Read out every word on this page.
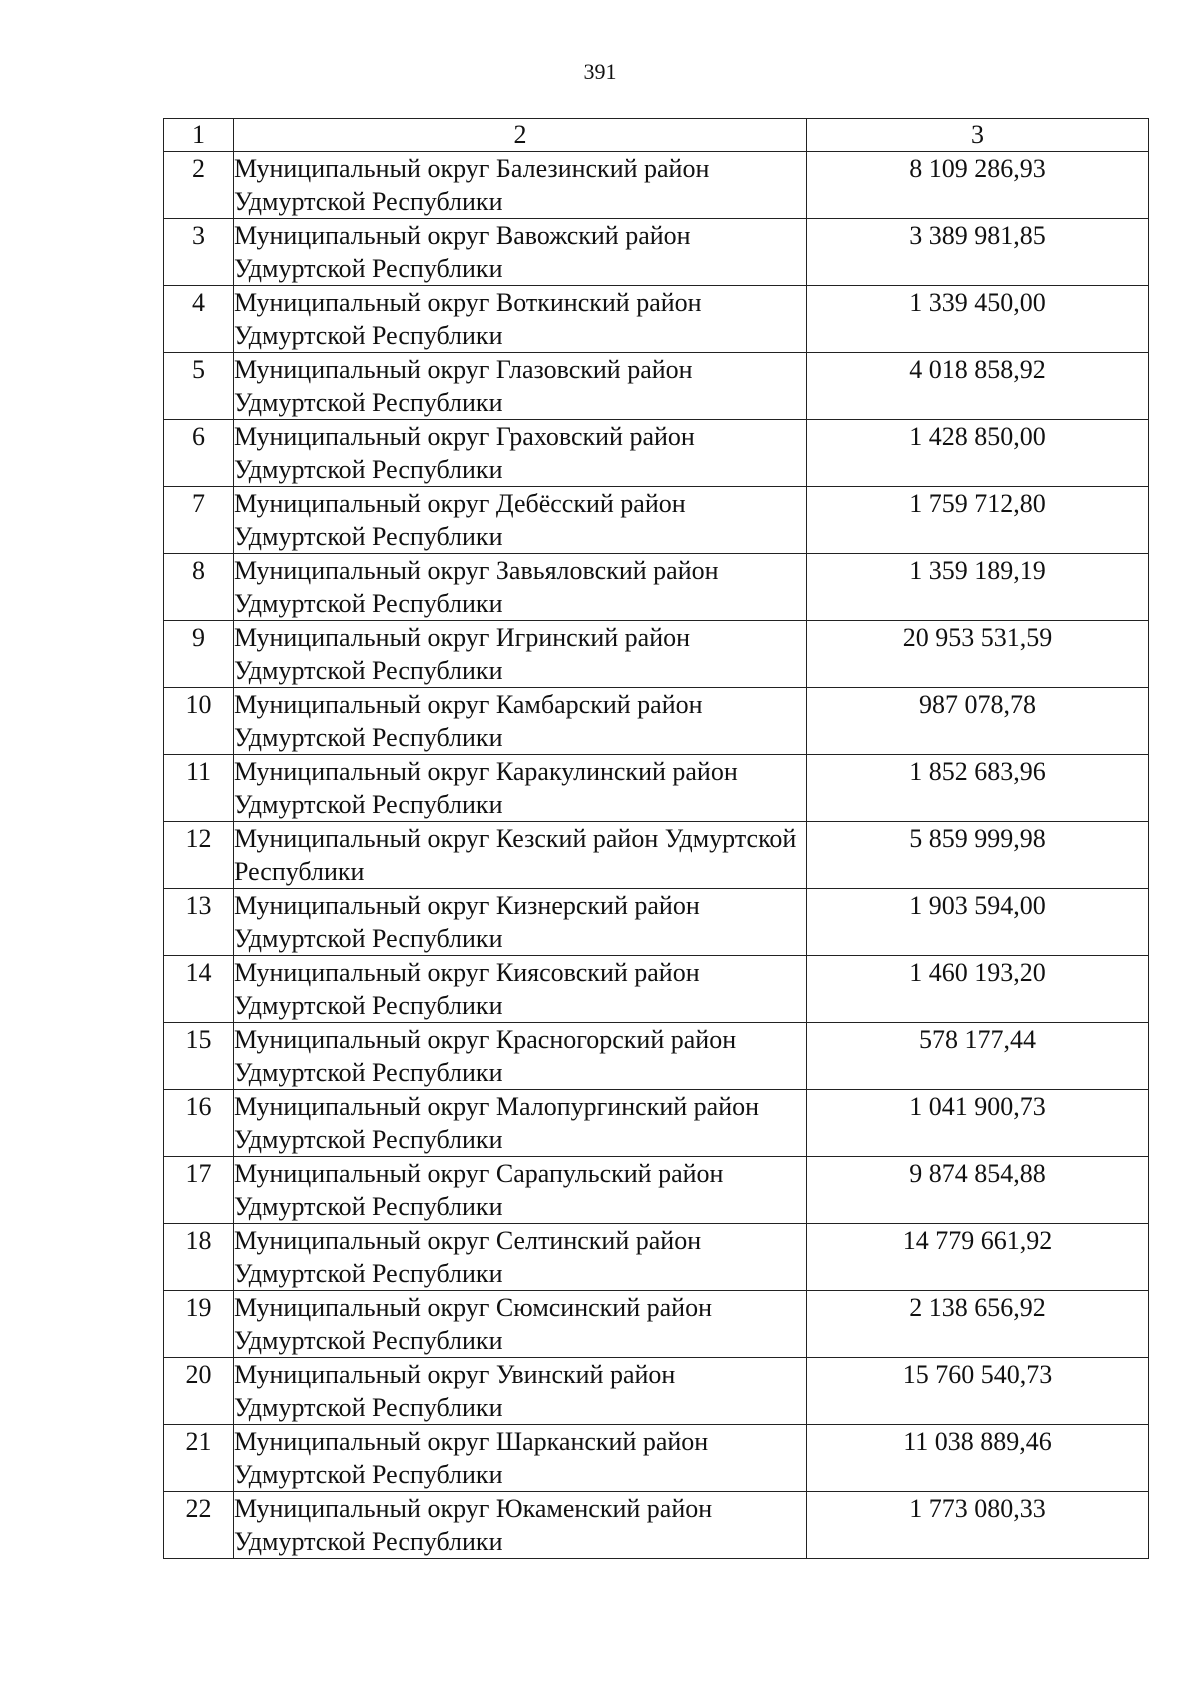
391
1	2	3
2	Муниципальный округ Балезинский район Удмуртской Республики	8 109 286,93
3	Муниципальный округ Вавожский район Удмуртской Республики	3 389 981,85
4	Муниципальный округ Воткинский район Удмуртской Республики	1 339 450,00
5	Муниципальный округ Глазовский район Удмуртской Республики	4 018 858,92
6	Муниципальный округ Граховский район Удмуртской Республики	1 428 850,00
7	Муниципальный округ Дебёсский район Удмуртской Республики	1 759 712,80
8	Муниципальный округ Завьяловский район Удмуртской Республики	1 359 189,19
9	Муниципальный округ Игринский район Удмуртской Республики	20 953 531,59
10	Муниципальный округ Камбарский район Удмуртской Республики	987 078,78
11	Муниципальный округ Каракулинский район Удмуртской Республики	1 852 683,96
12	Муниципальный округ Кезский район Удмуртской Республики	5 859 999,98
13	Муниципальный округ Кизнерский район Удмуртской Республики	1 903 594,00
14	Муниципальный округ Киясовский район Удмуртской Республики	1 460 193,20
15	Муниципальный округ Красногорский район Удмуртской Республики	578 177,44
16	Муниципальный округ Малопургинский район Удмуртской Республики	1 041 900,73
17	Муниципальный округ Сарапульский район Удмуртской Республики	9 874 854,88
18	Муниципальный округ Селтинский район Удмуртской Республики	14 779 661,92
19	Муниципальный округ Сюмсинский район Удмуртской Республики	2 138 656,92
20	Муниципальный округ Увинский район Удмуртской Республики	15 760 540,73
21	Муниципальный округ Шарканский район Удмуртской Республики	11 038 889,46
22	Муниципальный округ Юкаменский район Удмуртской Республики	1 773 080,33
